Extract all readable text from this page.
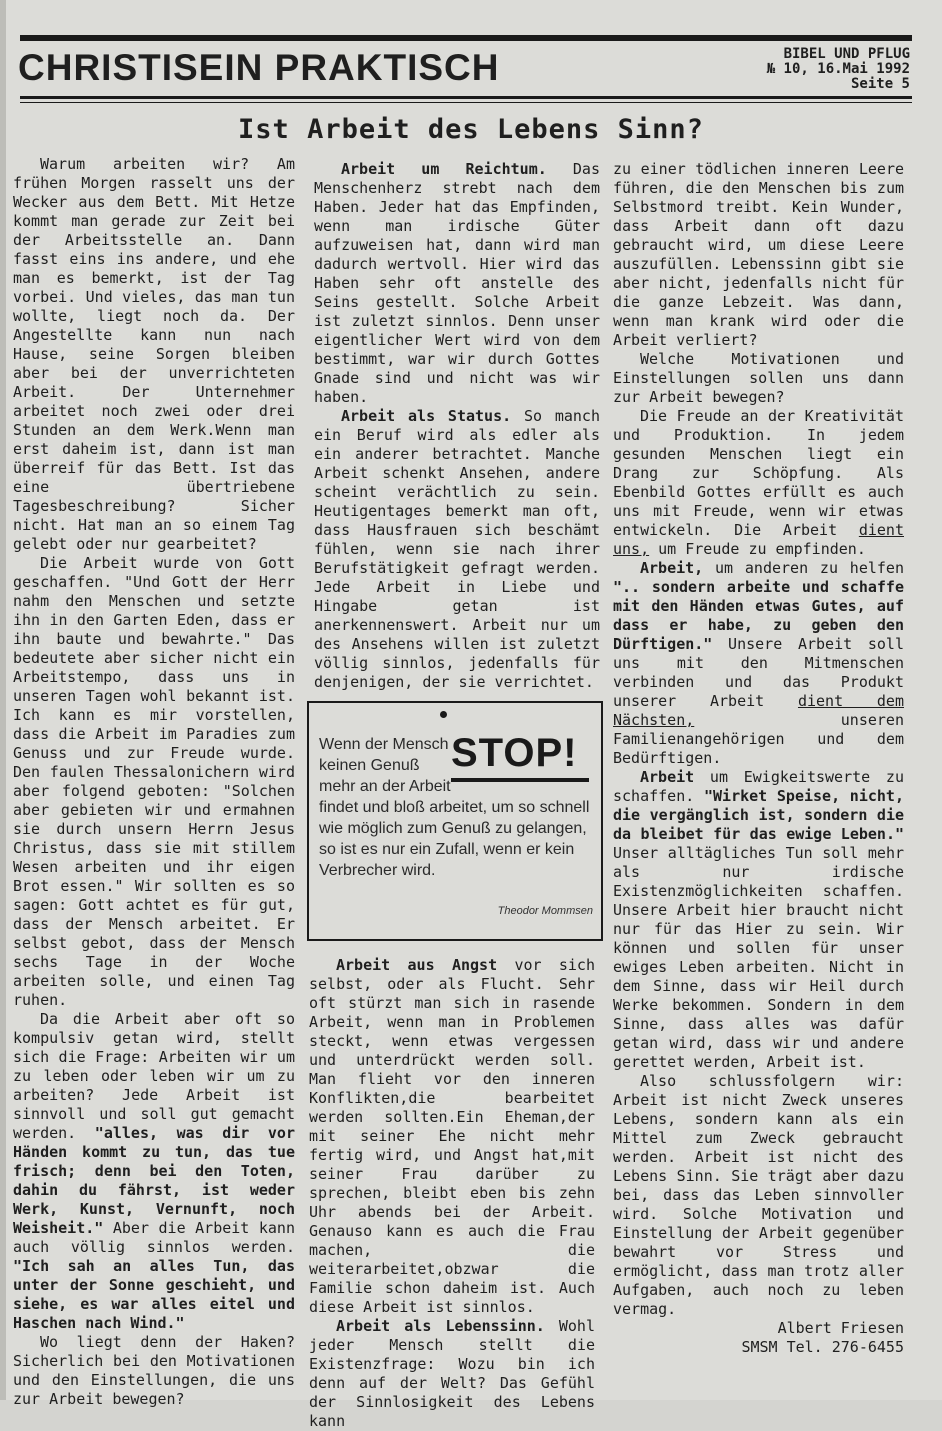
CHRISTISEIN PRAKTISCH	BIBEL UND PFLUG
№ 10, 16.Mai 1992
Seite 5
Ist Arbeit des Lebens Sinn?

Warum arbeiten wir? Am frühen Morgen rasselt uns der Wecker aus dem Bett. Mit Hetze kommt man gerade zur Zeit bei der Arbeitsstelle an. Dann fasst eins ins andere, und ehe man es bemerkt, ist der Tag vorbei. Und vieles, das man tun wollte, liegt noch da. Der Angestellte kann nun nach Hause, seine Sorgen bleiben aber bei der unverrichteten Arbeit. Der Unternehmer arbeitet noch zwei oder drei Stunden an dem Werk.Wenn man erst daheim ist, dann ist man überreif für das Bett. Ist das eine übertriebene Tagesbeschreibung? Sicher nicht. Hat man an so einem Tag gelebt oder nur gearbeitet?

Die Arbeit wurde von Gott geschaffen. "Und Gott der Herr nahm den Menschen und setzte ihn in den Garten Eden, dass er ihn baute und bewahrte." Das bedeutete aber sicher nicht ein Arbeitstempo, dass uns in unseren Tagen wohl bekannt ist. Ich kann es mir vorstellen, dass die Arbeit im Paradies zum Genuss und zur Freude wurde. Den faulen Thessalonichern wird aber folgend geboten: "Solchen aber gebieten wir und ermahnen sie durch unsern Herrn Jesus Christus, dass sie mit stillem Wesen arbeiten und ihr eigen Brot essen." Wir sollten es so sagen: Gott achtet es für gut, dass der Mensch arbeitet. Er selbst gebot, dass der Mensch sechs Tage in der Woche arbeiten solle, und einen Tag ruhen.

Da die Arbeit aber oft so kompulsiv getan wird, stellt sich die Frage: Arbeiten wir um zu leben oder leben wir um zu arbeiten? Jede Arbeit ist sinnvoll und soll gut gemacht werden. "alles, was dir vor Händen kommt zu tun, das tue frisch; denn bei den Toten, dahin du fährst, ist weder Werk, Kunst, Vernunft, noch Weisheit." Aber die Arbeit kann auch völlig sinnlos werden. "Ich sah an alles Tun, das unter der Sonne geschieht, und siehe, es war alles eitel und Haschen nach Wind."

Wo liegt denn der Haken? Sicherlich bei den Motivationen und den Einstellungen, die uns zur Arbeit bewegen?

Arbeit um Reichtum. Das Menschenherz strebt nach dem Haben. Jeder hat das Empfinden, wenn man irdische Güter aufzuweisen hat, dann wird man dadurch wertvoll. Hier wird das Haben sehr oft anstelle des Seins gestellt. Solche Arbeit ist zuletzt sinnlos. Denn unser eigentlicher Wert wird von dem bestimmt, war wir durch Gottes Gnade sind und nicht was wir haben.

Arbeit als Status. So manch ein Beruf wird als edler als ein anderer betrachtet. Manche Arbeit schenkt Ansehen, andere scheint verächtlich zu sein. Heutigentages bemerkt man oft, dass Hausfrauen sich beschämt fühlen, wenn sie nach ihrer Berufstätigkeit gefragt werden. Jede Arbeit in Liebe und Hingabe getan ist anerkennenswert. Arbeit nur um des Ansehens willen ist zuletzt völlig sinnlos, jedenfalls für denjenigen, der sie verrichtet.

STOP!
Wenn der Mensch keinen Genuß mehr an der Arbeit findet und bloß arbeitet, um so schnell wie möglich zum Genuß zu gelangen, so ist es nur ein Zufall, wenn er kein Verbrecher wird.
Theodor Mommsen

Arbeit aus Angst vor sich selbst, oder als Flucht. Sehr oft stürzt man sich in rasende Arbeit, wenn man in Problemen steckt, wenn etwas vergessen und unterdrückt werden soll. Man flieht vor den inneren Konflikten,die bearbeitet werden sollten.Ein Eheman,der mit seiner Ehe nicht mehr fertig wird, und Angst hat,mit seiner Frau darüber zu sprechen, bleibt eben bis zehn Uhr abends bei der Arbeit. Genauso kann es auch die Frau machen, die weiterarbeitet,obzwar die Familie schon daheim ist. Auch diese Arbeit ist sinnlos.

Arbeit als Lebenssinn. Wohl jeder Mensch stellt die Existenzfrage: Wozu bin ich denn auf der Welt? Das Gefühl der Sinnlosigkeit des Lebens kann

zu einer tödlichen inneren Leere führen, die den Menschen bis zum Selbstmord treibt. Kein Wunder, dass Arbeit dann oft dazu gebraucht wird, um diese Leere auszufüllen. Lebenssinn gibt sie aber nicht, jedenfalls nicht für die ganze Lebzeit. Was dann, wenn man krank wird oder die Arbeit verliert?

Welche Motivationen und Einstellungen sollen uns dann zur Arbeit bewegen?

Die Freude an der Kreativität und Produktion. In jedem gesunden Menschen liegt ein Drang zur Schöpfung. Als Ebenbild Gottes erfüllt es auch uns mit Freude, wenn wir etwas entwickeln. Die Arbeit dient uns, um Freude zu empfinden.

Arbeit, um anderen zu helfen ".. sondern arbeite und schaffe mit den Händen etwas Gutes, auf dass er habe, zu geben den Dürftigen." Unsere Arbeit soll uns mit den Mitmenschen verbinden und das Produkt unserer Arbeit dient dem Nächsten, unseren Familienangehörigen und dem Bedürftigen.

Arbeit um Ewigkeitswerte zu schaffen. "Wirket Speise, nicht, die vergänglich ist, sondern die da bleibet für das ewige Leben." Unser alltägliches Tun soll mehr als nur irdische Existenzmöglichkeiten schaffen. Unsere Arbeit hier braucht nicht nur für das Hier zu sein. Wir können und sollen für unser ewiges Leben arbeiten. Nicht in dem Sinne, dass wir Heil durch Werke bekommen. Sondern in dem Sinne, dass alles was dafür getan wird, dass wir und andere gerettet werden, Arbeit ist.

Also schlussfolgern wir: Arbeit ist nicht Zweck unseres Lebens, sondern kann als ein Mittel zum Zweck gebraucht werden. Arbeit ist nicht des Lebens Sinn. Sie trägt aber dazu bei, dass das Leben sinnvoller wird. Solche Motivation und Einstellung der Arbeit gegenüber bewahrt vor Stress und ermöglicht, dass man trotz aller Aufgaben, auch noch zu leben vermag.

Albert Friesen

SMSM Tel. 276-6455
